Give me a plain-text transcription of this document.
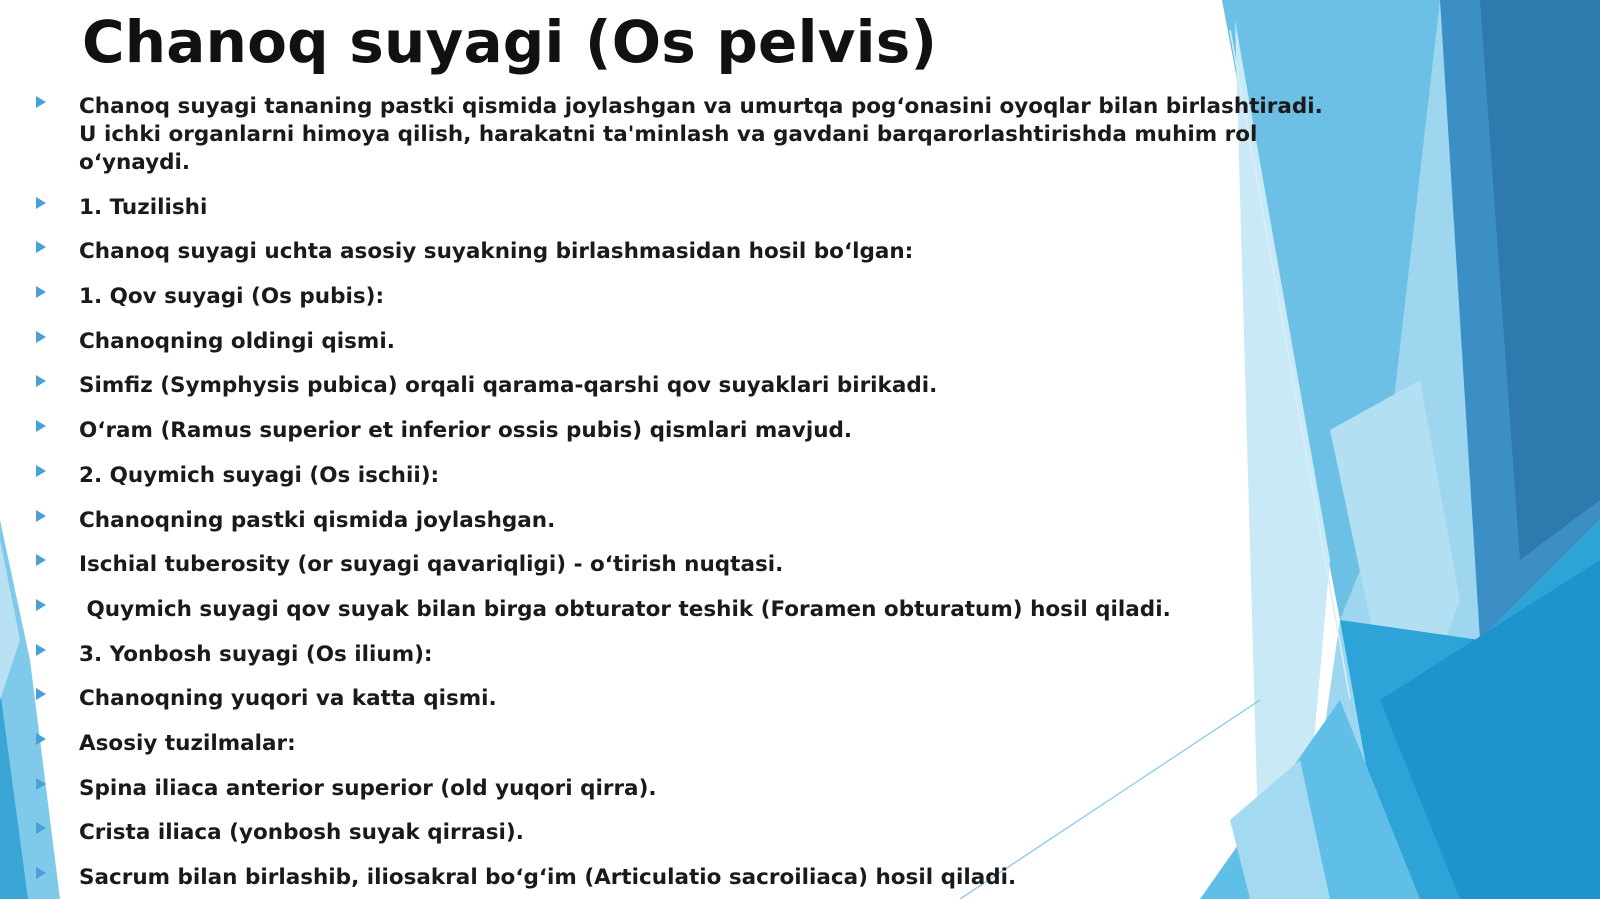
Chanoq suyagi (Os pelvis)
Chanoq suyagi tananing pastki qismida joylashgan va umurtqa pog‘onasini oyoqlar bilan birlashtiradi. U ichki organlarni himoya qilish, harakatni ta'minlash va gavdani barqarorlashtirishda muhim rol o‘ynaydi.
1. Tuzilishi
Chanoq suyagi uchta asosiy suyakning birlashmasidan hosil bo‘lgan:
1. Qov suyagi (Os pubis):
Chanoqning oldingi qismi.
Simfiz (Symphysis pubica) orqali qarama-qarshi qov suyaklari birikadi.
O‘ram (Ramus superior et inferior ossis pubis) qismlari mavjud.
2. Quymich suyagi (Os ischii):
Chanoqning pastki qismida joylashgan.
Ischial tuberosity (or suyagi qavariqligi) - o‘tirish nuqtasi.
Quymich suyagi qov suyak bilan birga obturator teshik (Foramen obturatum) hosil qiladi.
3. Yonbosh suyagi (Os ilium):
Chanoqning yuqori va katta qismi.
Asosiy tuzilmalar:
Spina iliaca anterior superior (old yuqori qirra).
Crista iliaca (yonbosh suyak qirrasi).
Sacrum bilan birlashib, iliosakral bo‘g‘im (Articulatio sacroiliaca) hosil qiladi.
